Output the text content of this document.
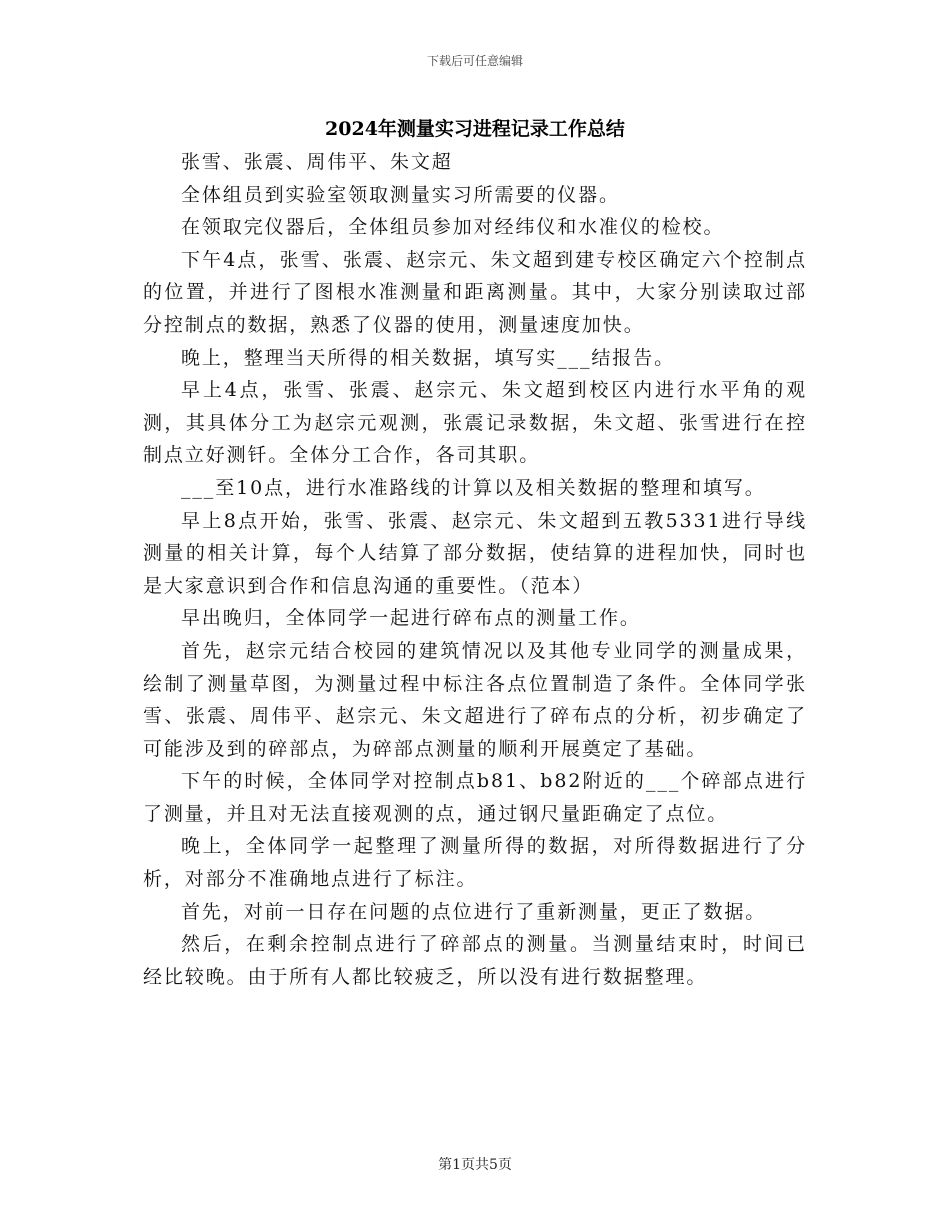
下载后可任意编辑
2024年测量实习进程记录工作总结

张雪、张震、周伟平、朱文超

全体组员到实验室领取测量实习所需要的仪器。

在领取完仪器后，全体组员参加对经纬仪和水准仪的检校。

下午4点，张雪、张震、赵宗元、朱文超到建专校区确定六个控制点的位置，并进行了图根水准测量和距离测量。其中，大家分别读取过部分控制点的数据，熟悉了仪器的使用，测量速度加快。

晚上，整理当天所得的相关数据，填写实___结报告。

早上4点，张雪、张震、赵宗元、朱文超到校区内进行水平角的观测，其具体分工为赵宗元观测，张震记录数据，朱文超、张雪进行在控制点立好测钎。全体分工合作，各司其职。

___至10点，进行水准路线的计算以及相关数据的整理和填写。

早上8点开始，张雪、张震、赵宗元、朱文超到五教5331进行导线测量的相关计算，每个人结算了部分数据，使结算的进程加快，同时也是大家意识到合作和信息沟通的重要性。（范本）

早出晚归，全体同学一起进行碎布点的测量工作。

首先，赵宗元结合校园的建筑情况以及其他专业同学的测量成果，绘制了测量草图，为测量过程中标注各点位置制造了条件。全体同学张雪、张震、周伟平、赵宗元、朱文超进行了碎布点的分析，初步确定了可能涉及到的碎部点，为碎部点测量的顺利开展奠定了基础。

下午的时候，全体同学对控制点b81、b82附近的___个碎部点进行了测量，并且对无法直接观测的点，通过钢尺量距确定了点位。

晚上，全体同学一起整理了测量所得的数据，对所得数据进行了分析，对部分不准确地点进行了标注。

首先，对前一日存在问题的点位进行了重新测量，更正了数据。

然后，在剩余控制点进行了碎部点的测量。当测量结束时，时间已经比较晚。由于所有人都比较疲乏，所以没有进行数据整理。

第1页共5页
